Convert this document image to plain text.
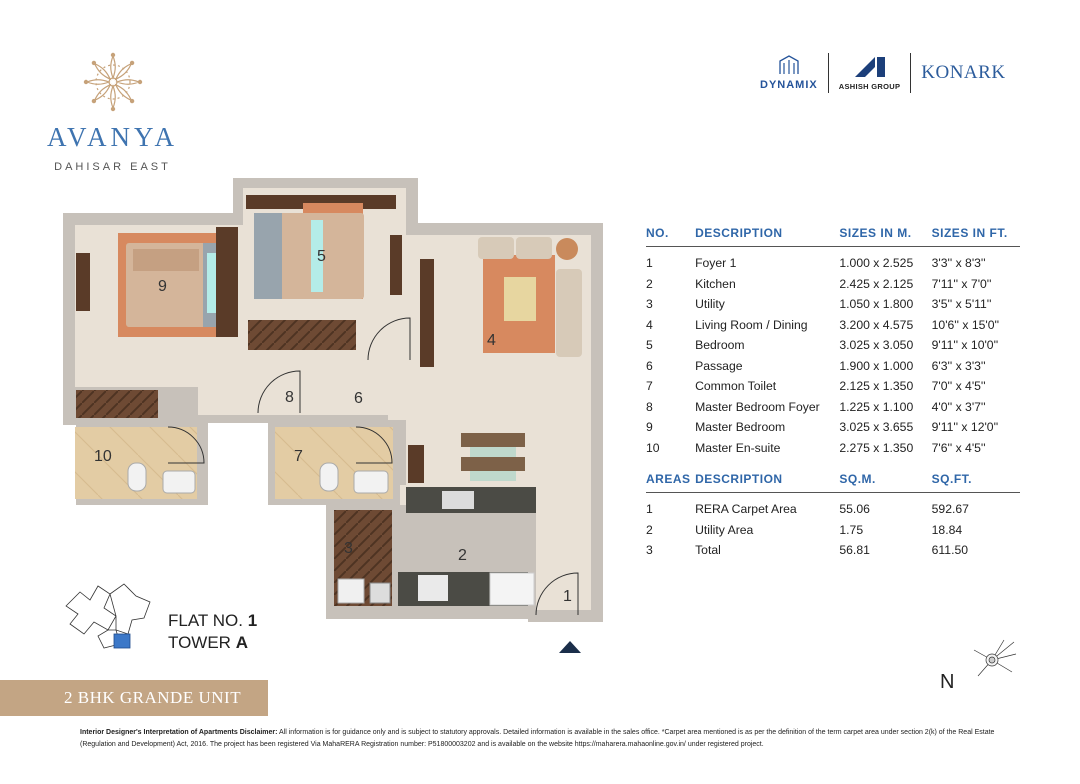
AVANYA
DAHISAR EAST
DYNAMIX	ASHISH GROUP
KONARK
1
2
3
4
5
6
7
8
9
10
NO.	DESCRIPTION	SIZES IN M.	SIZES IN FT.
1	Foyer 1	1.000 x 2.525	3'3'' x 8'3''
2	Kitchen	2.425 x 2.125	7'11'' x 7'0''
3	Utility	1.050 x 1.800	3'5'' x 5'11''
4	Living Room / Dining	3.200 x 4.575	10'6'' x 15'0''
5	Bedroom	3.025 x 3.050	9'11'' x 10'0''
6	Passage	1.900 x 1.000	6'3'' x 3'3''
7	Common Toilet	2.125 x 1.350	7'0'' x 4'5''
8	Master Bedroom Foyer	1.225 x 1.100	4'0'' x 3'7''
9	Master Bedroom	3.025 x 3.655	9'11'' x 12'0''
10	Master En-suite	2.275 x 1.350	7'6'' x 4'5''
AREAS DESCRIPTION	SQ.M.	SQ.FT.
1	RERA Carpet Area	55.06	592.67
2	Utility Area	1.75	18.84
3	Total	56.81	611.50
FLAT NO. 1
TOWER A
N
2 BHK GRANDE UNIT
Interior Designer's Interpretation of Apartments Disclaimer: All information is for guidance only and is subject to statutory approvals. Detailed information is available in the sales office. *Carpet area mentioned is as per the definition of the term carpet area under section 2(k) of the Real Estate (Regulation and Development) Act, 2016. The project has been registered Via MahaRERA Registration number: P51800003202 and is available on the website https://maharera.mahaonline.gov.in/ under registered project.
